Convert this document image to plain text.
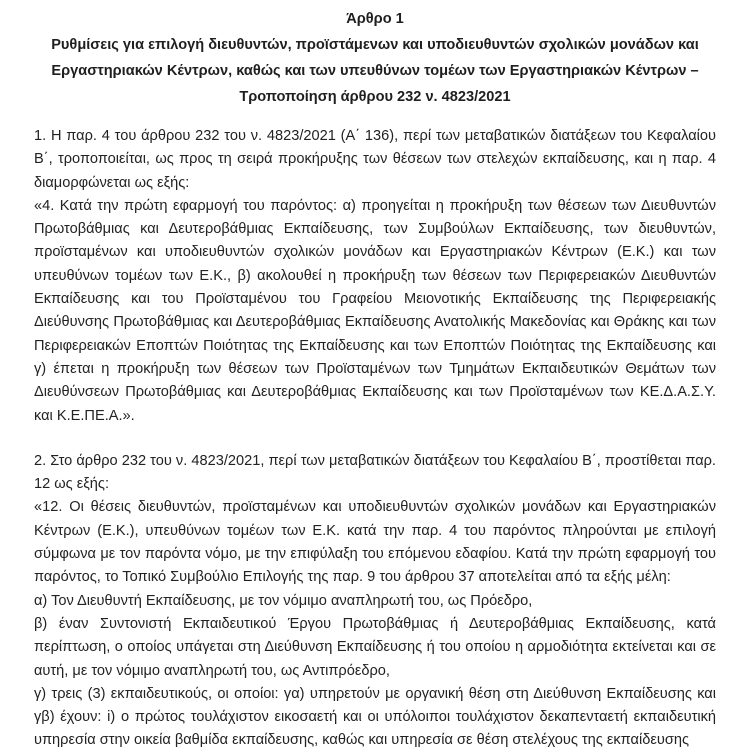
Άρθρο 1
Ρυθμίσεις για επιλογή διευθυντών, προϊστάμενων και υποδιευθυντών σχολικών μονάδων και Εργαστηριακών Κέντρων, καθώς και των υπευθύνων τομέων των Εργαστηριακών Κέντρων – Τροποποίηση άρθρου 232 ν. 4823/2021

1. Η παρ. 4 του άρθρου 232 του ν. 4823/2021 (Α΄ 136), περί των μεταβατικών διατάξεων του Κεφαλαίου Β΄, τροποποιείται, ως προς τη σειρά προκήρυξης των θέσεων των στελεχών εκπαίδευσης, και η παρ. 4 διαμορφώνεται ως εξής:

«4. Κατά την πρώτη εφαρμογή του παρόντος: α) προηγείται η προκήρυξη των θέσεων των Διευθυντών Πρωτοβάθμιας και Δευτεροβάθμιας Εκπαίδευσης, των Συμβούλων Εκπαίδευσης, των διευθυντών, προϊσταμένων και υποδιευθυντών σχολικών μονάδων και Εργαστηριακών Κέντρων (Ε.Κ.) και των υπευθύνων τομέων των Ε.Κ., β) ακολουθεί η προκήρυξη των θέσεων των Περιφερειακών Διευθυντών Εκπαίδευσης και του Προϊσταμένου του Γραφείου Μειονοτικής Εκπαίδευσης της Περιφερειακής Διεύθυνσης Πρωτοβάθμιας και Δευτεροβάθμιας Εκπαίδευσης Ανατολικής Μακεδονίας και Θράκης και των Περιφερειακών Εποπτών Ποιότητας της Εκπαίδευσης και των Εποπτών Ποιότητας της Εκπαίδευσης και γ) έπεται η προκήρυξη των θέσεων των Προϊσταμένων των Τμημάτων Εκπαιδευτικών Θεμάτων των Διευθύνσεων Πρωτοβάθμιας και Δευτεροβάθμιας Εκπαίδευσης και των Προϊσταμένων των ΚΕ.Δ.Α.Σ.Υ. και Κ.Ε.ΠΕ.Α.».

2. Στο άρθρο 232 του ν. 4823/2021, περί των μεταβατικών διατάξεων του Κεφαλαίου Β΄, προστίθεται παρ. 12 ως εξής:

«12. Οι θέσεις διευθυντών, προϊσταμένων και υποδιευθυντών σχολικών μονάδων και Εργαστηριακών Κέντρων (Ε.Κ.), υπευθύνων τομέων των Ε.Κ. κατά την παρ. 4 του παρόντος πληρούνται με επιλογή σύμφωνα με τον παρόντα νόμο, με την επιφύλαξη του επόμενου εδαφίου. Κατά την πρώτη εφαρμογή του παρόντος, το Τοπικό Συμβούλιο Επιλογής της παρ. 9 του άρθρου 37 αποτελείται από τα εξής μέλη:

α) Τον Διευθυντή Εκπαίδευσης, με τον νόμιμο αναπληρωτή του, ως Πρόεδρο,

β) έναν Συντονιστή Εκπαιδευτικού Έργου Πρωτοβάθμιας ή Δευτεροβάθμιας Εκπαίδευσης, κατά περίπτωση, ο οποίος υπάγεται στη Διεύθυνση Εκπαίδευσης ή του οποίου η αρμοδιότητα εκτείνεται και σε αυτή, με τον νόμιμο αναπληρωτή του, ως Αντιπρόεδρο,

γ) τρεις (3) εκπαιδευτικούς, οι οποίοι: γα) υπηρετούν με οργανική θέση στη Διεύθυνση Εκπαίδευσης και γβ) έχουν: i) ο πρώτος τουλάχιστον εικοσαετή και οι υπόλοιποι τουλάχιστον δεκαπενταετή εκπαιδευτική υπηρεσία στην οικεία βαθμίδα εκπαίδευσης, καθώς και υπηρεσία σε θέση στελέχους της εκπαίδευσης
